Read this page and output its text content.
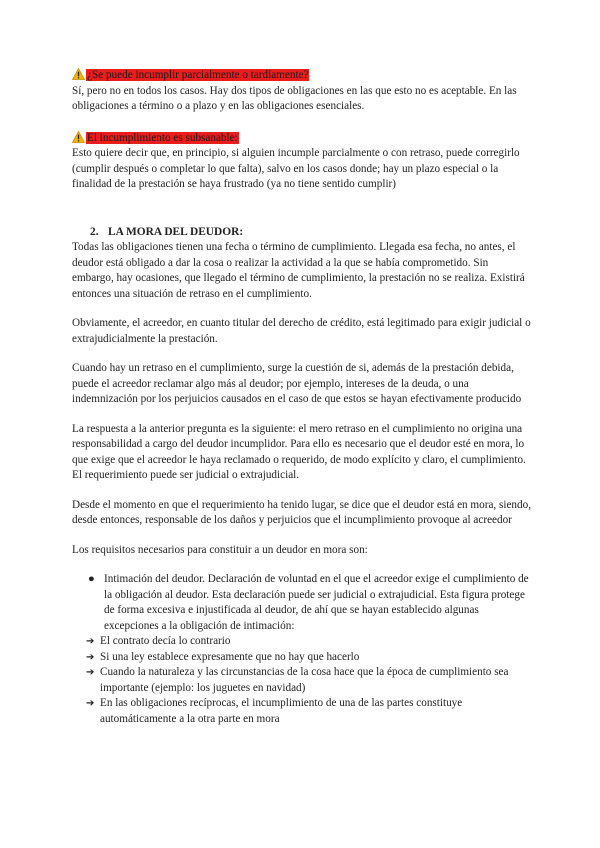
¿Se puede incumplir parcialmente o tardíamente?

Sí, pero no en todos los casos. Hay dos tipos de obligaciones en las que esto no es aceptable. En las obligaciones a término o a plazo y en las obligaciones esenciales.

El incumplimiento es subsanable:

Esto quiere decir que, en principio, si alguien incumple parcialmente o con retraso, puede corregirlo (cumplir después o completar lo que falta), salvo en los casos donde; hay un plazo especial o la finalidad de la prestación se haya frustrado (ya no tiene sentido cumplir)

2. LA MORA DEL DEUDOR:

Todas las obligaciones tienen una fecha o término de cumplimiento. Llegada esa fecha, no antes, el deudor está obligado a dar la cosa o realizar la actividad a la que se había comprometido. Sin embargo, hay ocasiones, que llegado el término de cumplimiento, la prestación no se realiza. Existirá entonces una situación de retraso en el cumplimiento.

Obviamente, el acreedor, en cuanto titular del derecho de crédito, está legitimado para exigir judicial o extrajudicialmente la prestación.

Cuando hay un retraso en el cumplimiento, surge la cuestión de si, además de la prestación debida, puede el acreedor reclamar algo más al deudor; por ejemplo, intereses de la deuda, o una indemnización por los perjuicios causados en el caso de que estos se hayan efectivamente producido

La respuesta a la anterior pregunta es la siguiente: el mero retraso en el cumplimiento no origina una responsabilidad a cargo del deudor incumplidor. Para ello es necesario que el deudor esté en mora, lo que exige que el acreedor le haya reclamado o requerido, de modo explícito y claro, el cumplimiento. El requerimiento puede ser judicial o extrajudicial.

Desde el momento en que el requerimiento ha tenido lugar, se dice que el deudor está en mora, siendo, desde entonces, responsable de los daños y perjuicios que el incumplimiento provoque al acreedor

Los requisitos necesarios para constituir a un deudor en mora son:

● Intimación del deudor. Declaración de voluntad en el que el acreedor exige el cumplimiento de la obligación al deudor. Esta declaración puede ser judicial o extrajudicial. Esta figura protege de forma excesiva e injustificada al deudor, de ahí que se hayan establecido algunas excepciones a la obligación de intimación:
➔ El contrato decía lo contrario
➔ Si una ley establece expresamente que no hay que hacerlo
➔ Cuando la naturaleza y las circunstancias de la cosa hace que la época de cumplimiento sea importante (ejemplo: los juguetes en navidad)
➔ En las obligaciones recíprocas, el incumplimiento de una de las partes constituye automáticamente a la otra parte en mora
